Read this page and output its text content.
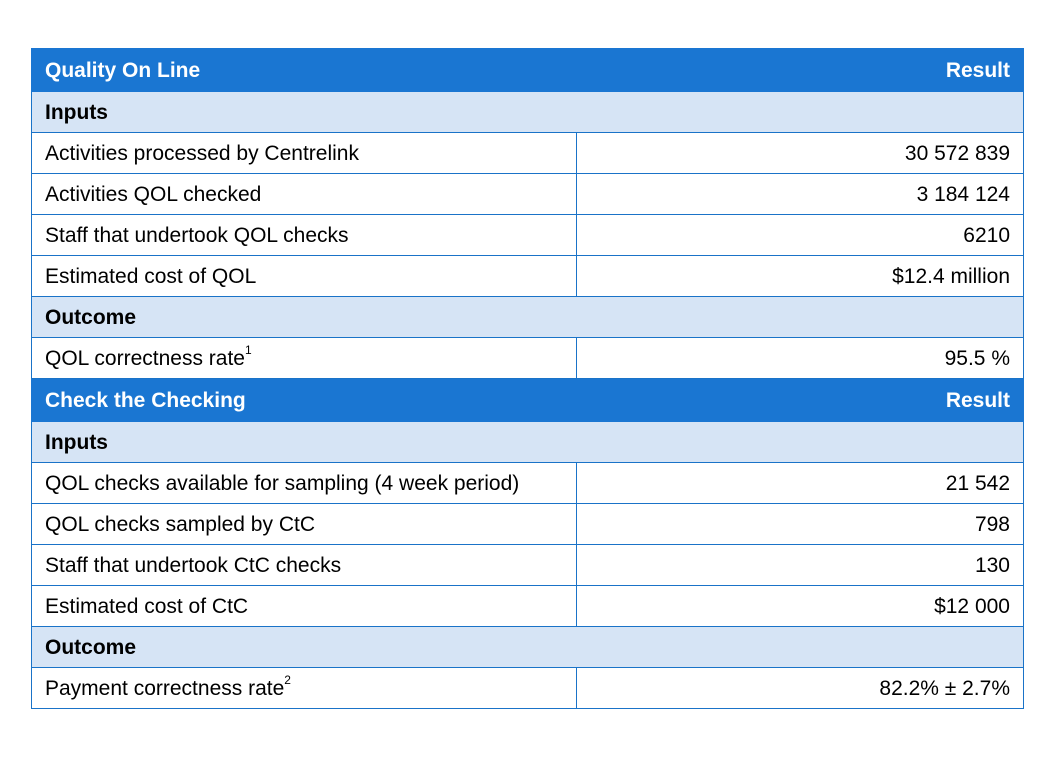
Quality On Line	Result
Inputs	
Activities processed by Centrelink	30 572 839
Activities QOL checked	3 184 124
Staff that undertook QOL checks	6210
Estimated cost of QOL	$12.4 million
Outcome	
QOL correctness rate$^1$	95.5 %
Check the Checking	Result
Inputs	
QOL checks available for sampling (4 week period)	21 542
QOL checks sampled by CtC	798
Staff that undertook CtC checks	130
Estimated cost of CtC	$12 000
Outcome	
Payment correctness rate$^2$	82.2% ± 2.7%
